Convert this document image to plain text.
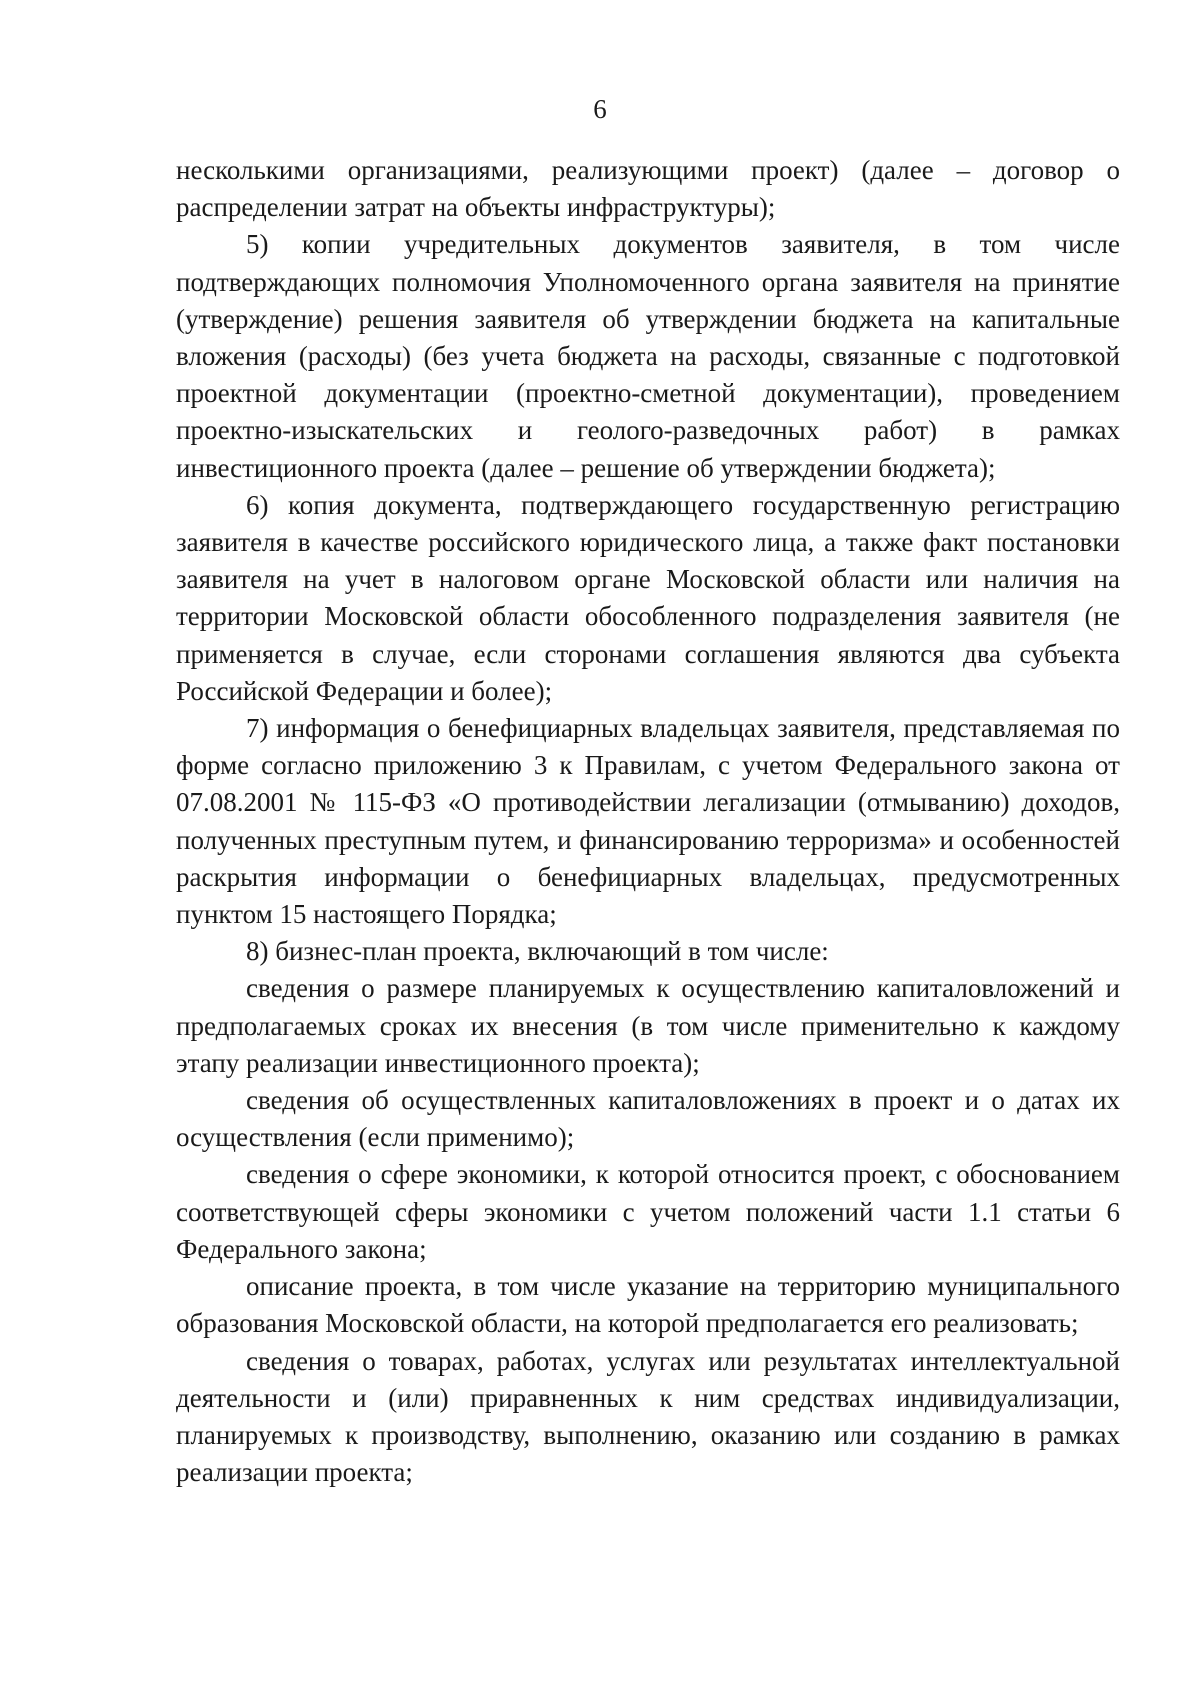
6

несколькими организациями, реализующими проект) (далее – договор о распределении затрат на объекты инфраструктуры);

5) копии учредительных документов заявителя, в том числе подтверждающих полномочия Уполномоченного органа заявителя на принятие (утверждение) решения заявителя об утверждении бюджета на капитальные вложения (расходы) (без учета бюджета на расходы, связанные с подготовкой проектной документации (проектно-сметной документации), проведением проектно-изыскательских и геолого-разведочных работ) в рамках инвестиционного проекта (далее – решение об утверждении бюджета);

6) копия документа, подтверждающего государственную регистрацию заявителя в качестве российского юридического лица, а также факт постановки заявителя на учет в налоговом органе Московской области или наличия на территории Московской области обособленного подразделения заявителя (не применяется в случае, если сторонами соглашения являются два субъекта Российской Федерации и более);

7) информация о бенефициарных владельцах заявителя, представляемая по форме согласно приложению 3 к Правилам, с учетом Федерального закона от 07.08.2001 № 115-ФЗ «О противодействии легализации (отмыванию) доходов, полученных преступным путем, и финансированию терроризма» и особенностей раскрытия информации о бенефициарных владельцах, предусмотренных пунктом 15 настоящего Порядка;

8) бизнес-план проекта, включающий в том числе:

сведения о размере планируемых к осуществлению капиталовложений и предполагаемых сроках их внесения (в том числе применительно к каждому этапу реализации инвестиционного проекта);

сведения об осуществленных капиталовложениях в проект и о датах их осуществления (если применимо);

сведения о сфере экономики, к которой относится проект, с обоснованием соответствующей сферы экономики с учетом положений части 1.1 статьи 6 Федерального закона;

описание проекта, в том числе указание на территорию муниципального образования Московской области, на которой предполагается его реализовать;

сведения о товарах, работах, услугах или результатах интеллектуальной деятельности и (или) приравненных к ним средствах индивидуализации, планируемых к производству, выполнению, оказанию или созданию в рамках реализации проекта;
